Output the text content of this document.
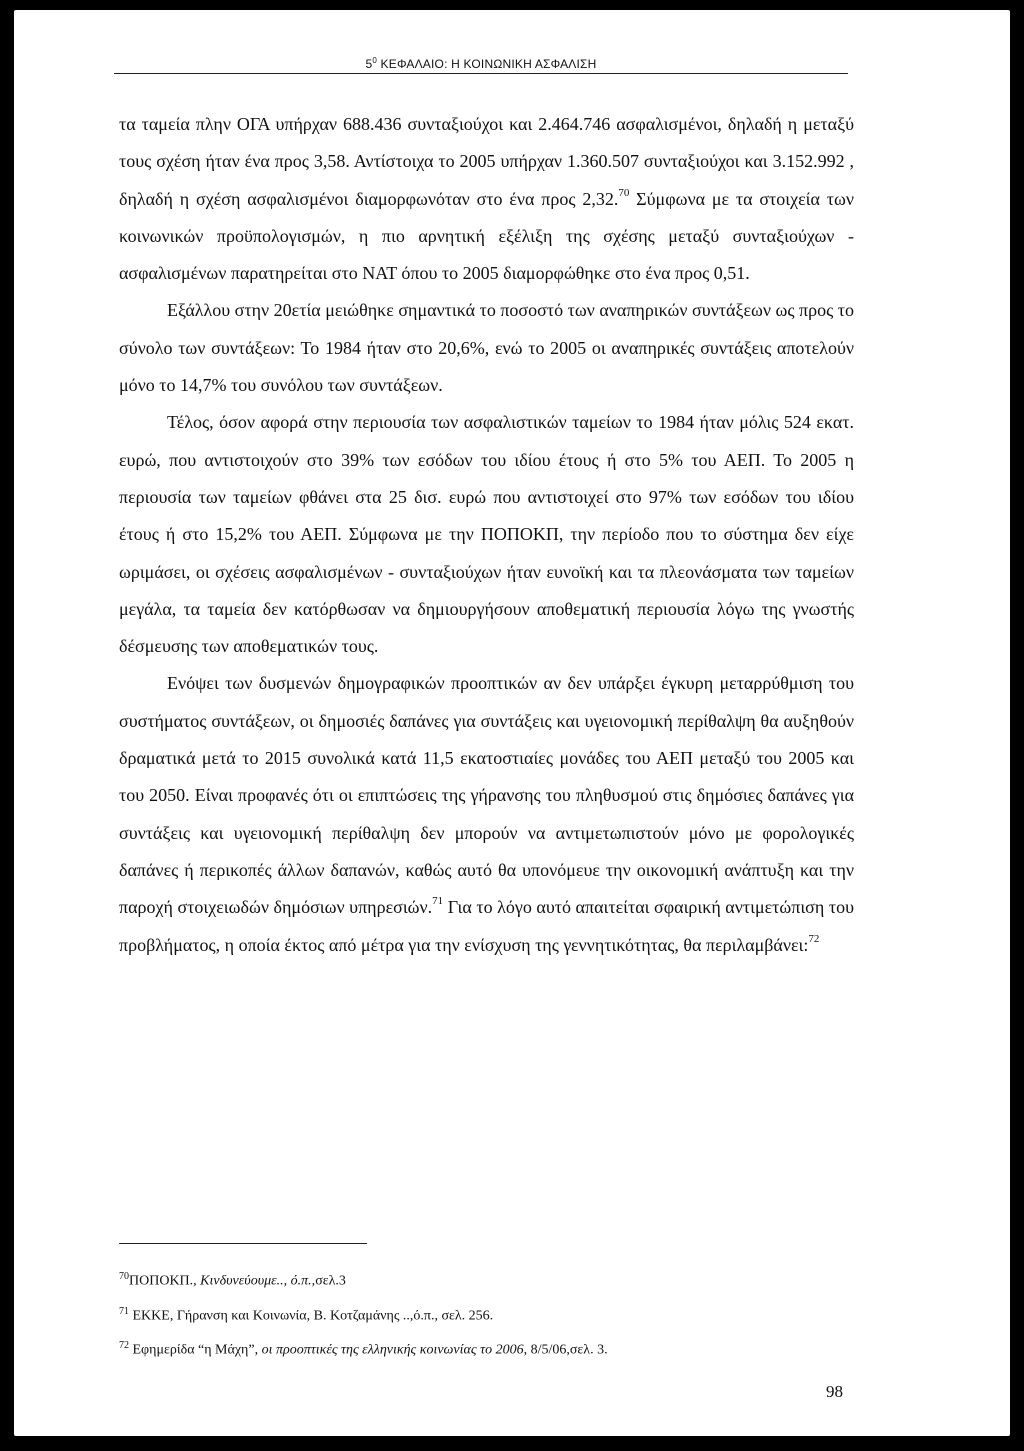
$5^0$ ΚΕΦΑΛΑΙΟ: Η ΚΟΙΝΩΝΙΚΗ ΑΣΦΑΛΙΣΗ

τα ταμεία πλην ΟΓΑ υπήρχαν 688.436 συνταξιούχοι και 2.464.746 ασφαλισμένοι, δηλαδή η μεταξύ τους σχέση ήταν ένα προς 3,58. Αντίστοιχα το 2005 υπήρχαν 1.360.507 συνταξιούχοι και 3.152.992 , δηλαδή η σχέση ασφαλισμένοι διαμορφωνόταν στο ένα προς 2,32.70 Σύμφωνα με τα στοιχεία των κοινωνικών προϋπολογισμών, η πιο αρνητική εξέλιξη της σχέσης μεταξύ συνταξιούχων - ασφαλισμένων παρατηρείται στο ΝΑΤ όπου το 2005 διαμορφώθηκε στο ένα προς 0,51.

Εξάλλου στην 20ετία μειώθηκε σημαντικά το ποσοστό των αναπηρικών συντάξεων ως προς το σύνολο των συντάξεων: Το 1984 ήταν στο 20,6%, ενώ το 2005 οι αναπηρικές συντάξεις αποτελούν μόνο το 14,7% του συνόλου των συντάξεων.

Τέλος, όσον αφορά στην περιουσία των ασφαλιστικών ταμείων το 1984 ήταν μόλις 524 εκατ. ευρώ, που αντιστοιχούν στο 39% των εσόδων του ιδίου έτους ή στο 5% του ΑΕΠ. Το 2005 η περιουσία των ταμείων φθάνει στα 25 δισ. ευρώ που αντιστοιχεί στο 97% των εσόδων του ιδίου έτους ή στο 15,2% του ΑΕΠ. Σύμφωνα με την ΠΟΠΟΚΠ, την περίοδο που το σύστημα δεν είχε ωριμάσει, οι σχέσεις ασφαλισμένων - συνταξιούχων ήταν ευνοϊκή και τα πλεονάσματα των ταμείων μεγάλα, τα ταμεία δεν κατόρθωσαν να δημιουργήσουν αποθεματική περιουσία λόγω της γνωστής δέσμευσης των αποθεματικών τους.

Ενόψει των δυσμενών δημογραφικών προοπτικών αν δεν υπάρξει έγκυρη μεταρρύθμιση του συστήματος συντάξεων, οι δημοσιές δαπάνες για συντάξεις και υγειονομική περίθαλψη θα αυξηθούν δραματικά μετά το 2015 συνολικά κατά 11,5 εκατοστιαίες μονάδες του ΑΕΠ μεταξύ του 2005 και του 2050. Είναι προφανές ότι οι επιπτώσεις της γήρανσης του πληθυσμού στις δημόσιες δαπάνες για συντάξεις και υγειονομική περίθαλψη δεν μπορούν να αντιμετωπιστούν μόνο με φορολογικές δαπάνες ή περικοπές άλλων δαπανών, καθώς αυτό θα υπονόμευε την οικονομική ανάπτυξη και την παροχή στοιχειωδών δημόσιων υπηρεσιών.$^{71}$ Για το λόγο αυτό απαιτείται σφαιρική αντιμετώπιση του προβλήματος, η οποία έκτος από μέτρα για την ενίσχυση της γεννητικότητας, θα περιλαμβάνει:$^{72}$

$^{70}$ΠΟΠΟΚΠ., Κινδυνεύουμε.., ό.π.,σελ.3
$^{71}$ ΕΚΚΕ, Γήρανση και Κοινωνία, Β. Κοτζαμάνης ..,ό.π., σελ. 256.
$^{72}$ Εφημερίδα “η Μάχη”, οι προοπτικές της ελληνικής κοινωνίας το 2006, 8/5/06,σελ. 3.
98
